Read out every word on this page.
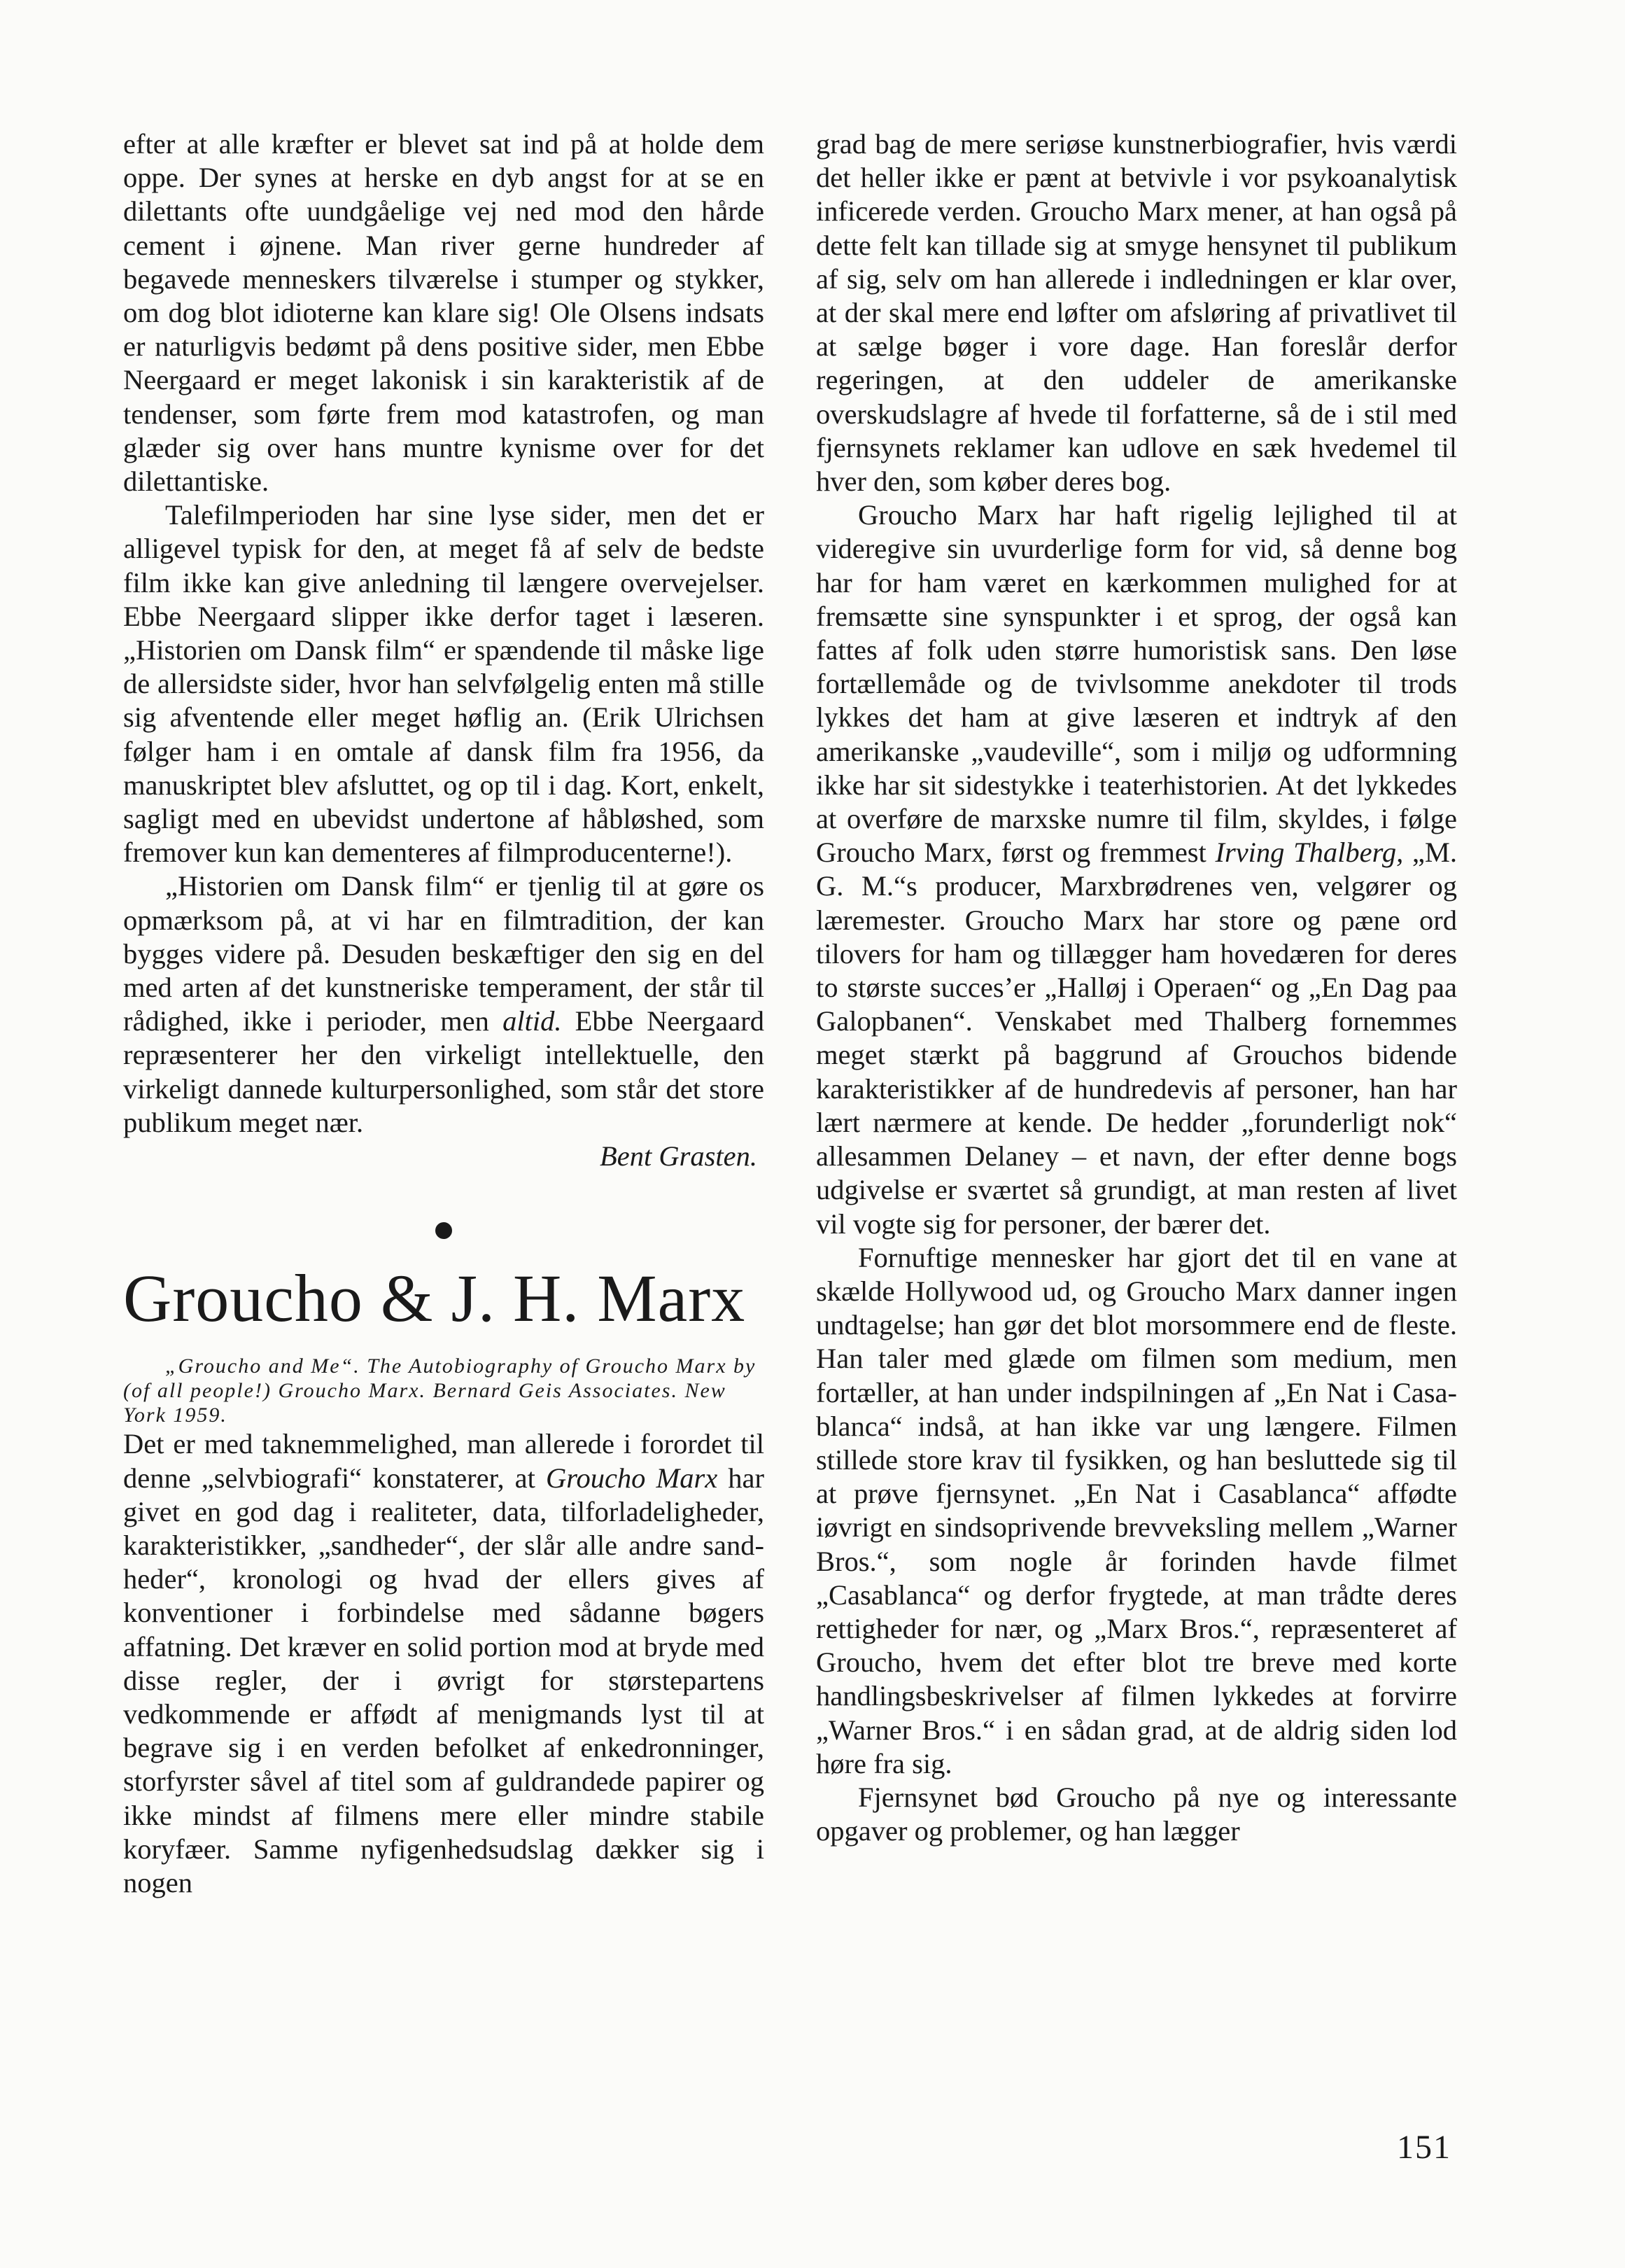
efter at alle kræfter er blevet sat ind på at holde dem oppe. Der synes at herske en dyb angst for at se en dilettants ofte uundgåelige vej ned mod den hårde cement i øjnene. Man river gerne hundreder af begavede menneskers tilværelse i stumper og stykker, om dog blot idioterne kan klare sig! Ole Olsens indsats er naturligvis bedømt på dens positive sider, men Ebbe Neergaard er meget lakonisk i sin karakteristik af de tendenser, som førte frem mod katastrofen, og man glæder sig over hans muntre kynisme over for det dilettantiske.

Talefilmperioden har sine lyse sider, men det er alligevel typisk for den, at meget få af selv de bedste film ikke kan give anledning til længere overvejelser. Ebbe Neergaard slipper ikke derfor taget i læseren. „Historien om Dansk film“ er spændende til måske lige de allersidste sider, hvor han selvfølgelig enten må stille sig afventende eller meget høflig an. (Erik Ulrichsen følger ham i en omtale af dansk film fra 1956, da manuskriptet blev afsluttet, og op til i dag. Kort, enkelt, sagligt med en ubevidst undertone af håbløshed, som fremover kun kan dementeres af filmproducenterne!).

„Historien om Dansk film“ er tjenlig til at gøre os opmærksom på, at vi har en filmtradition, der kan bygges videre på. Desuden beskæftiger den sig en del med arten af det kunstneriske temperament, der står til rådighed, ikke i perioder, men altid. Ebbe Neergaard repræsenterer her den virkeligt intellektuelle, den virkeligt dannede kulturpersonlighed, som står det store publikum meget nær.

Bent Grasten.

Groucho & J. H. Marx

„Groucho and Me“. The Autobiography of Groucho Marx by (of all people!) Groucho Marx. Bernard Geis Associates. New York 1959.

Det er med taknemmelighed, man allerede i forordet til denne „selvbiografi“ konstaterer, at Groucho Marx har givet en god dag i realiteter, data, tilforladeligheder, karakteristikker, „sandheder“, der slår alle andre sandheder“, kronologi og hvad der ellers gives af konventioner i forbindelse med sådanne bøgers affatning. Det kræver en solid portion mod at bryde med disse regler, der i øvrigt for størstepartens vedkommende er affødt af menigmands lyst til at begrave sig i en verden befolket af enkedronninger, storfyrster såvel af titel som af guldrandede papirer og ikke mindst af filmens mere eller mindre stabile koryfæer. Samme nyfigenhedsudslag dækker sig i nogen

grad bag de mere seriøse kunstnerbiografier, hvis værdi det heller ikke er pænt at betvivle i vor psykoanalytisk inficerede verden. Groucho Marx mener, at han også på dette felt kan tillade sig at smyge hensynet til publikum af sig, selv om han allerede i indledningen er klar over, at der skal mere end løfter om afsløring af privatlivet til at sælge bøger i vore dage. Han foreslår derfor regeringen, at den uddeler de amerikanske overskudslagre af hvede til forfatterne, så de i stil med fjernsynets reklamer kan udlove en sæk hvedemel til hver den, som køber deres bog.

Groucho Marx har haft rigelig lejlighed til at videregive sin uvurderlige form for vid, så denne bog har for ham været en kærkommen mulighed for at fremsætte sine synspunkter i et sprog, der også kan fattes af folk uden større humoristisk sans. Den løse fortællemåde og de tvivlsomme anekdoter til trods lykkes det ham at give læseren et indtryk af den amerikanske „vaudeville“, som i miljø og udformning ikke har sit sidestykke i teaterhistorien. At det lykkedes at overføre de marxske numre til film, skyldes, i følge Groucho Marx, først og fremmest Irving Thalberg, „M. G. M.“s producer, Marxbrødrenes ven, velgører og læremester. Groucho Marx har store og pæne ord tilovers for ham og tillægger ham hovedæren for deres to største succes’er „Halløj i Operaen“ og „En Dag paa Galopbanen“. Venskabet med Thalberg fornemmes meget stærkt på baggrund af Grouchos bidende karakteristikker af de hundredevis af personer, han har lært nærmere at kende. De hedder „forunderligt nok“ allesammen Delaney – et navn, der efter denne bogs udgivelse er sværtet så grundigt, at man resten af livet vil vogte sig for personer, der bærer det.

Fornuftige mennesker har gjort det til en vane at skælde Hollywood ud, og Groucho Marx danner ingen undtagelse; han gør det blot morsommere end de fleste. Han taler med glæde om filmen som medium, men fortæller, at han under indspilningen af „En Nat i Casablanca“ indså, at han ikke var ung længere. Filmen stillede store krav til fysikken, og han besluttede sig til at prøve fjernsynet. „En Nat i Casablanca“ affødte iøvrigt en sindsoprivende brevveksling mellem „Warner Bros.“, som nogle år forinden havde filmet „Casablanca“ og derfor frygtede, at man trådte deres rettigheder for nær, og „Marx Bros.“, repræsenteret af Groucho, hvem det efter blot tre breve med korte handlingsbeskrivelser af filmen lykkedes at forvirre „Warner Bros.“ i en sådan grad, at de aldrig siden lod høre fra sig.

Fjernsynet bød Groucho på nye og interessante opgaver og problemer, og han lægger

151
